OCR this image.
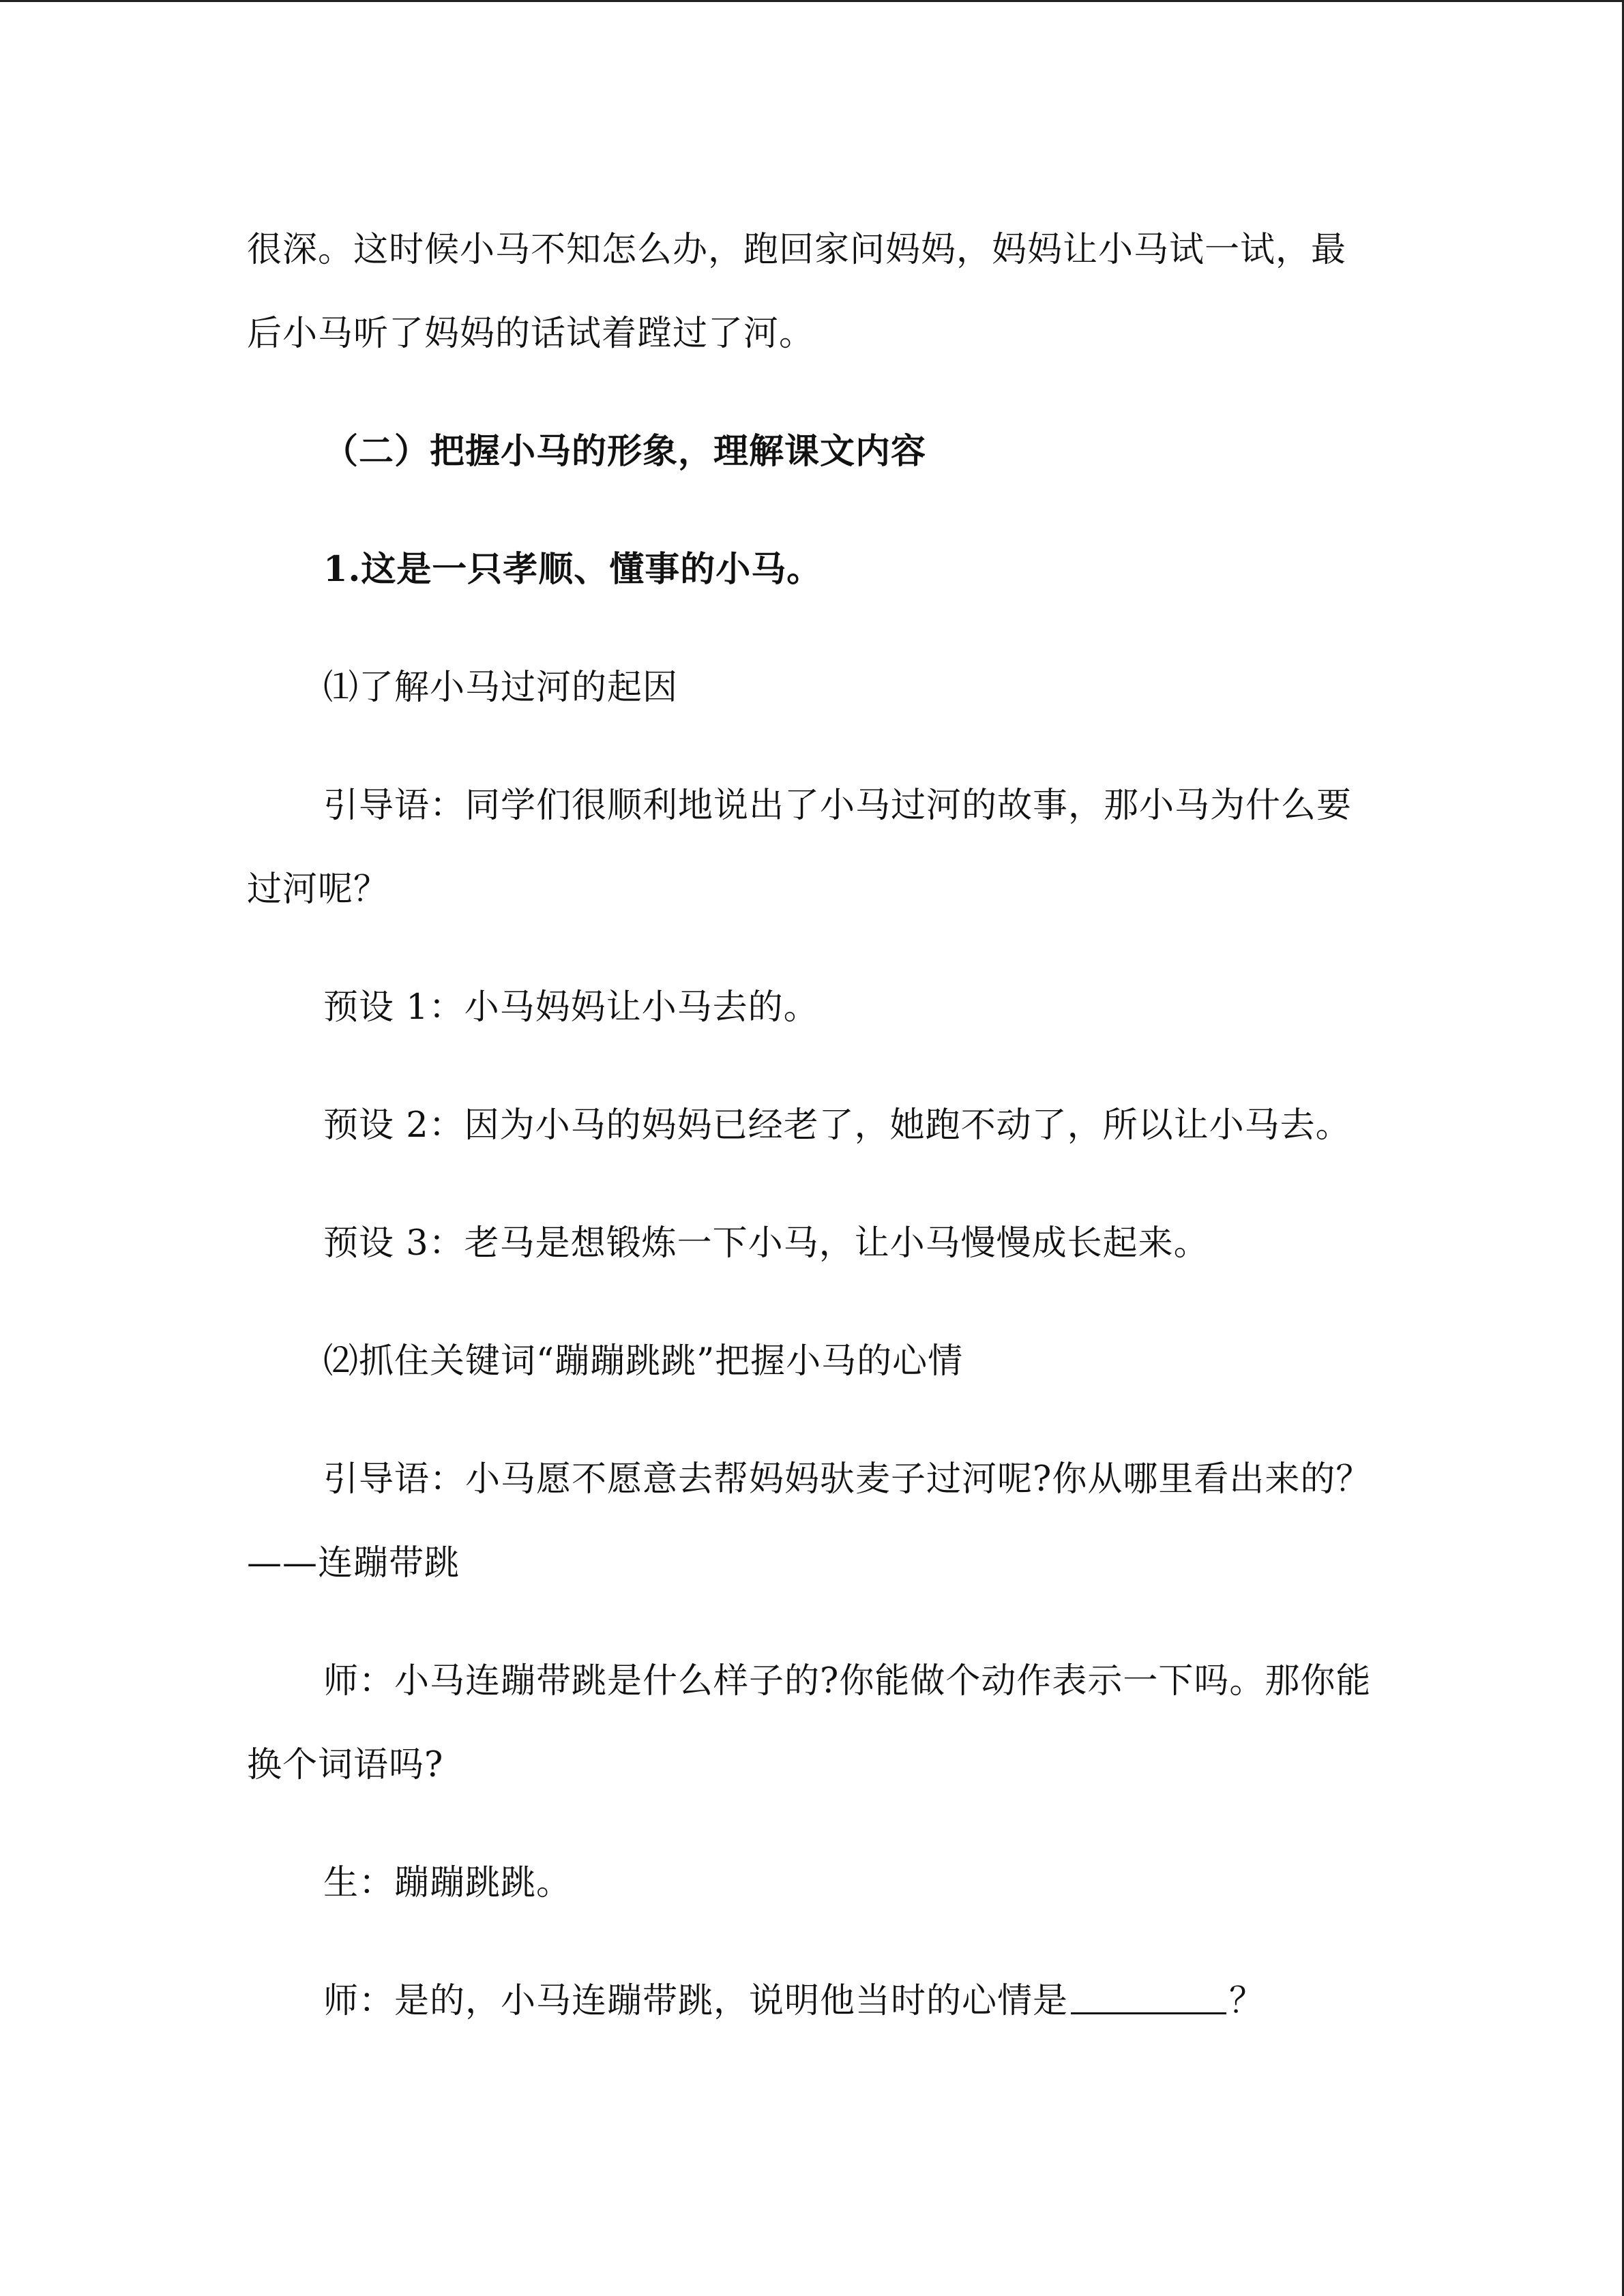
很深。这时候小马不知怎么办，跑回家问妈妈，妈妈让小马试一试，最后小马听了妈妈的话试着蹚过了河。

（二）把握小马的形象，理解课文内容

1.这是一只孝顺、懂事的小马。

⑴了解小马过河的起因

引导语：同学们很顺利地说出了小马过河的故事，那小马为什么要过河呢？

预设 1：小马妈妈让小马去的。

预设 2：因为小马的妈妈已经老了，她跑不动了，所以让小马去。

预设 3：老马是想锻炼一下小马，让小马慢慢成长起来。

⑵抓住关键词“蹦蹦跳跳”把握小马的心情

引导语：小马愿不愿意去帮妈妈驮麦子过河呢?你从哪里看出来的？——连蹦带跳

师：小马连蹦带跳是什么样子的?你能做个动作表示一下吗。那你能换个词语吗?

生：蹦蹦跳跳。

师：是的，小马连蹦带跳，说明他当时的心情是	？
